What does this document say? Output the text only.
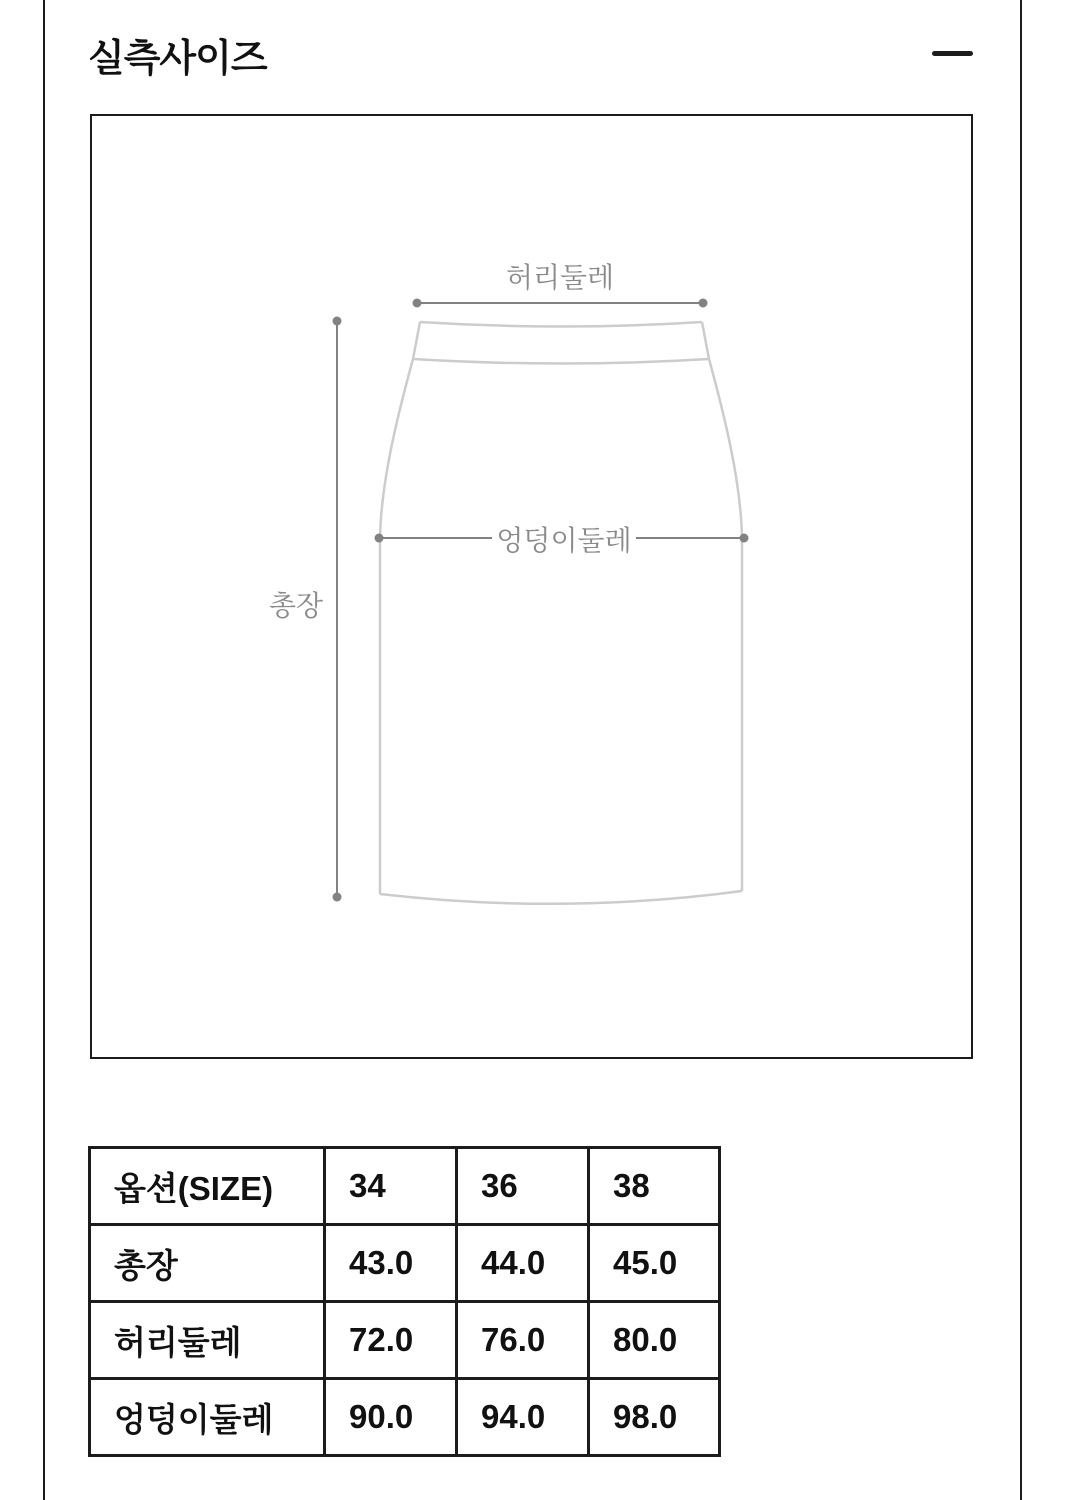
실측사이즈
허리둘레
엉덩이둘레
총장
옵션(SIZE)	34	36	38
총장	43.0	44.0	45.0
허리둘레	72.0	76.0	80.0
엉덩이둘레	90.0	94.0	98.0
